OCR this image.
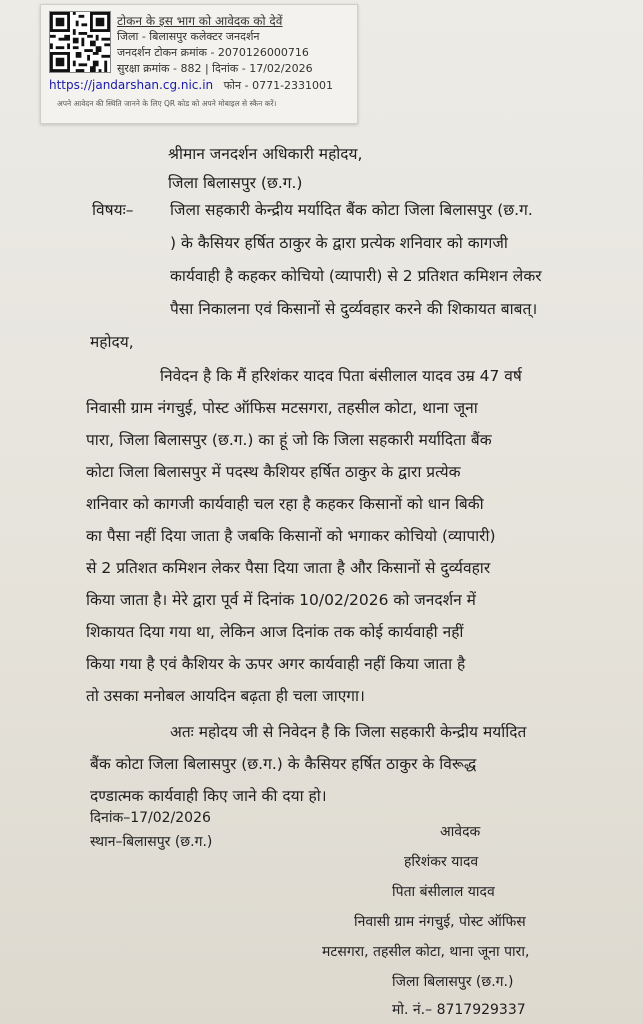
टोकन के इस भाग को आवेदक को देवें
जिला - बिलासपुर कलेक्टर जनदर्शन
जनदर्शन टोकन क्रमांक - 2070126000716
सुरक्षा क्रमांक - 882 | दिनांक - 17/02/2026
https://jandarshan.cg.nic.in फोन - 0771-2331001
अपने आवेदन की स्थिति जानने के लिए QR कोड को अपने मोबाइल से स्कैन करें।
श्रीमान जनदर्शन अधिकारी महोदय,
जिला बिलासपुर (छ.ग.)
विषयः– जिला सहकारी केन्द्रीय मर्यादित बैंक कोटा जिला बिलासपुर (छ.ग.
) के कैसियर हर्षित ठाकुर के द्वारा प्रत्येक शनिवार को कागजी
कार्यवाही है कहकर कोचियो (व्यापारी) से 2 प्रतिशत कमिशन लेकर
पैसा निकालना एवं किसानों से दुर्व्यवहार करने की शिकायत बाबत्।
महोदय,
निवेदन है कि मैं हरिशंकर यादव पिता बंसीलाल यादव उम्र 47 वर्ष
निवासी ग्राम नंगचुई, पोस्ट ऑफिस मटसगरा, तहसील कोटा, थाना जूना
पारा, जिला बिलासपुर (छ.ग.) का हूं जो कि जिला सहकारी मर्यादिता बैंक
कोटा जिला बिलासपुर में पदस्थ कैशियर हर्षित ठाकुर के द्वारा प्रत्येक
शनिवार को कागजी कार्यवाही चल रहा है कहकर किसानों को धान बिकी
का पैसा नहीं दिया जाता है जबकि किसानों को भगाकर कोचियो (व्यापारी)
से 2 प्रतिशत कमिशन लेकर पैसा दिया जाता है और किसानों से दुर्व्यवहार
किया जाता है। मेरे द्वारा पूर्व में दिनांक 10/02/2026 को जनदर्शन में
शिकायत दिया गया था, लेकिन आज दिनांक तक कोई कार्यवाही नहीं
किया गया है एवं कैशियर के ऊपर अगर कार्यवाही नहीं किया जाता है
तो उसका मनोबल आयदिन बढ़ता ही चला जाएगा।
अतः महोदय जी से निवेदन है कि जिला सहकारी केन्द्रीय मर्यादित
बैंक कोटा जिला बिलासपुर (छ.ग.) के कैसियर हर्षित ठाकुर के विरूद्ध
दण्डात्मक कार्यवाही किए जाने की दया हो।
दिनांक–17/02/2026
स्थान–बिलासपुर (छ.ग.)
आवेदक
हरिशंकर यादव
पिता बंसीलाल यादव
निवासी ग्राम नंगचुई, पोस्ट ऑफिस
मटसगरा, तहसील कोटा, थाना जूना पारा,
जिला बिलासपुर (छ.ग.)
मो. नं.– 8717929337
